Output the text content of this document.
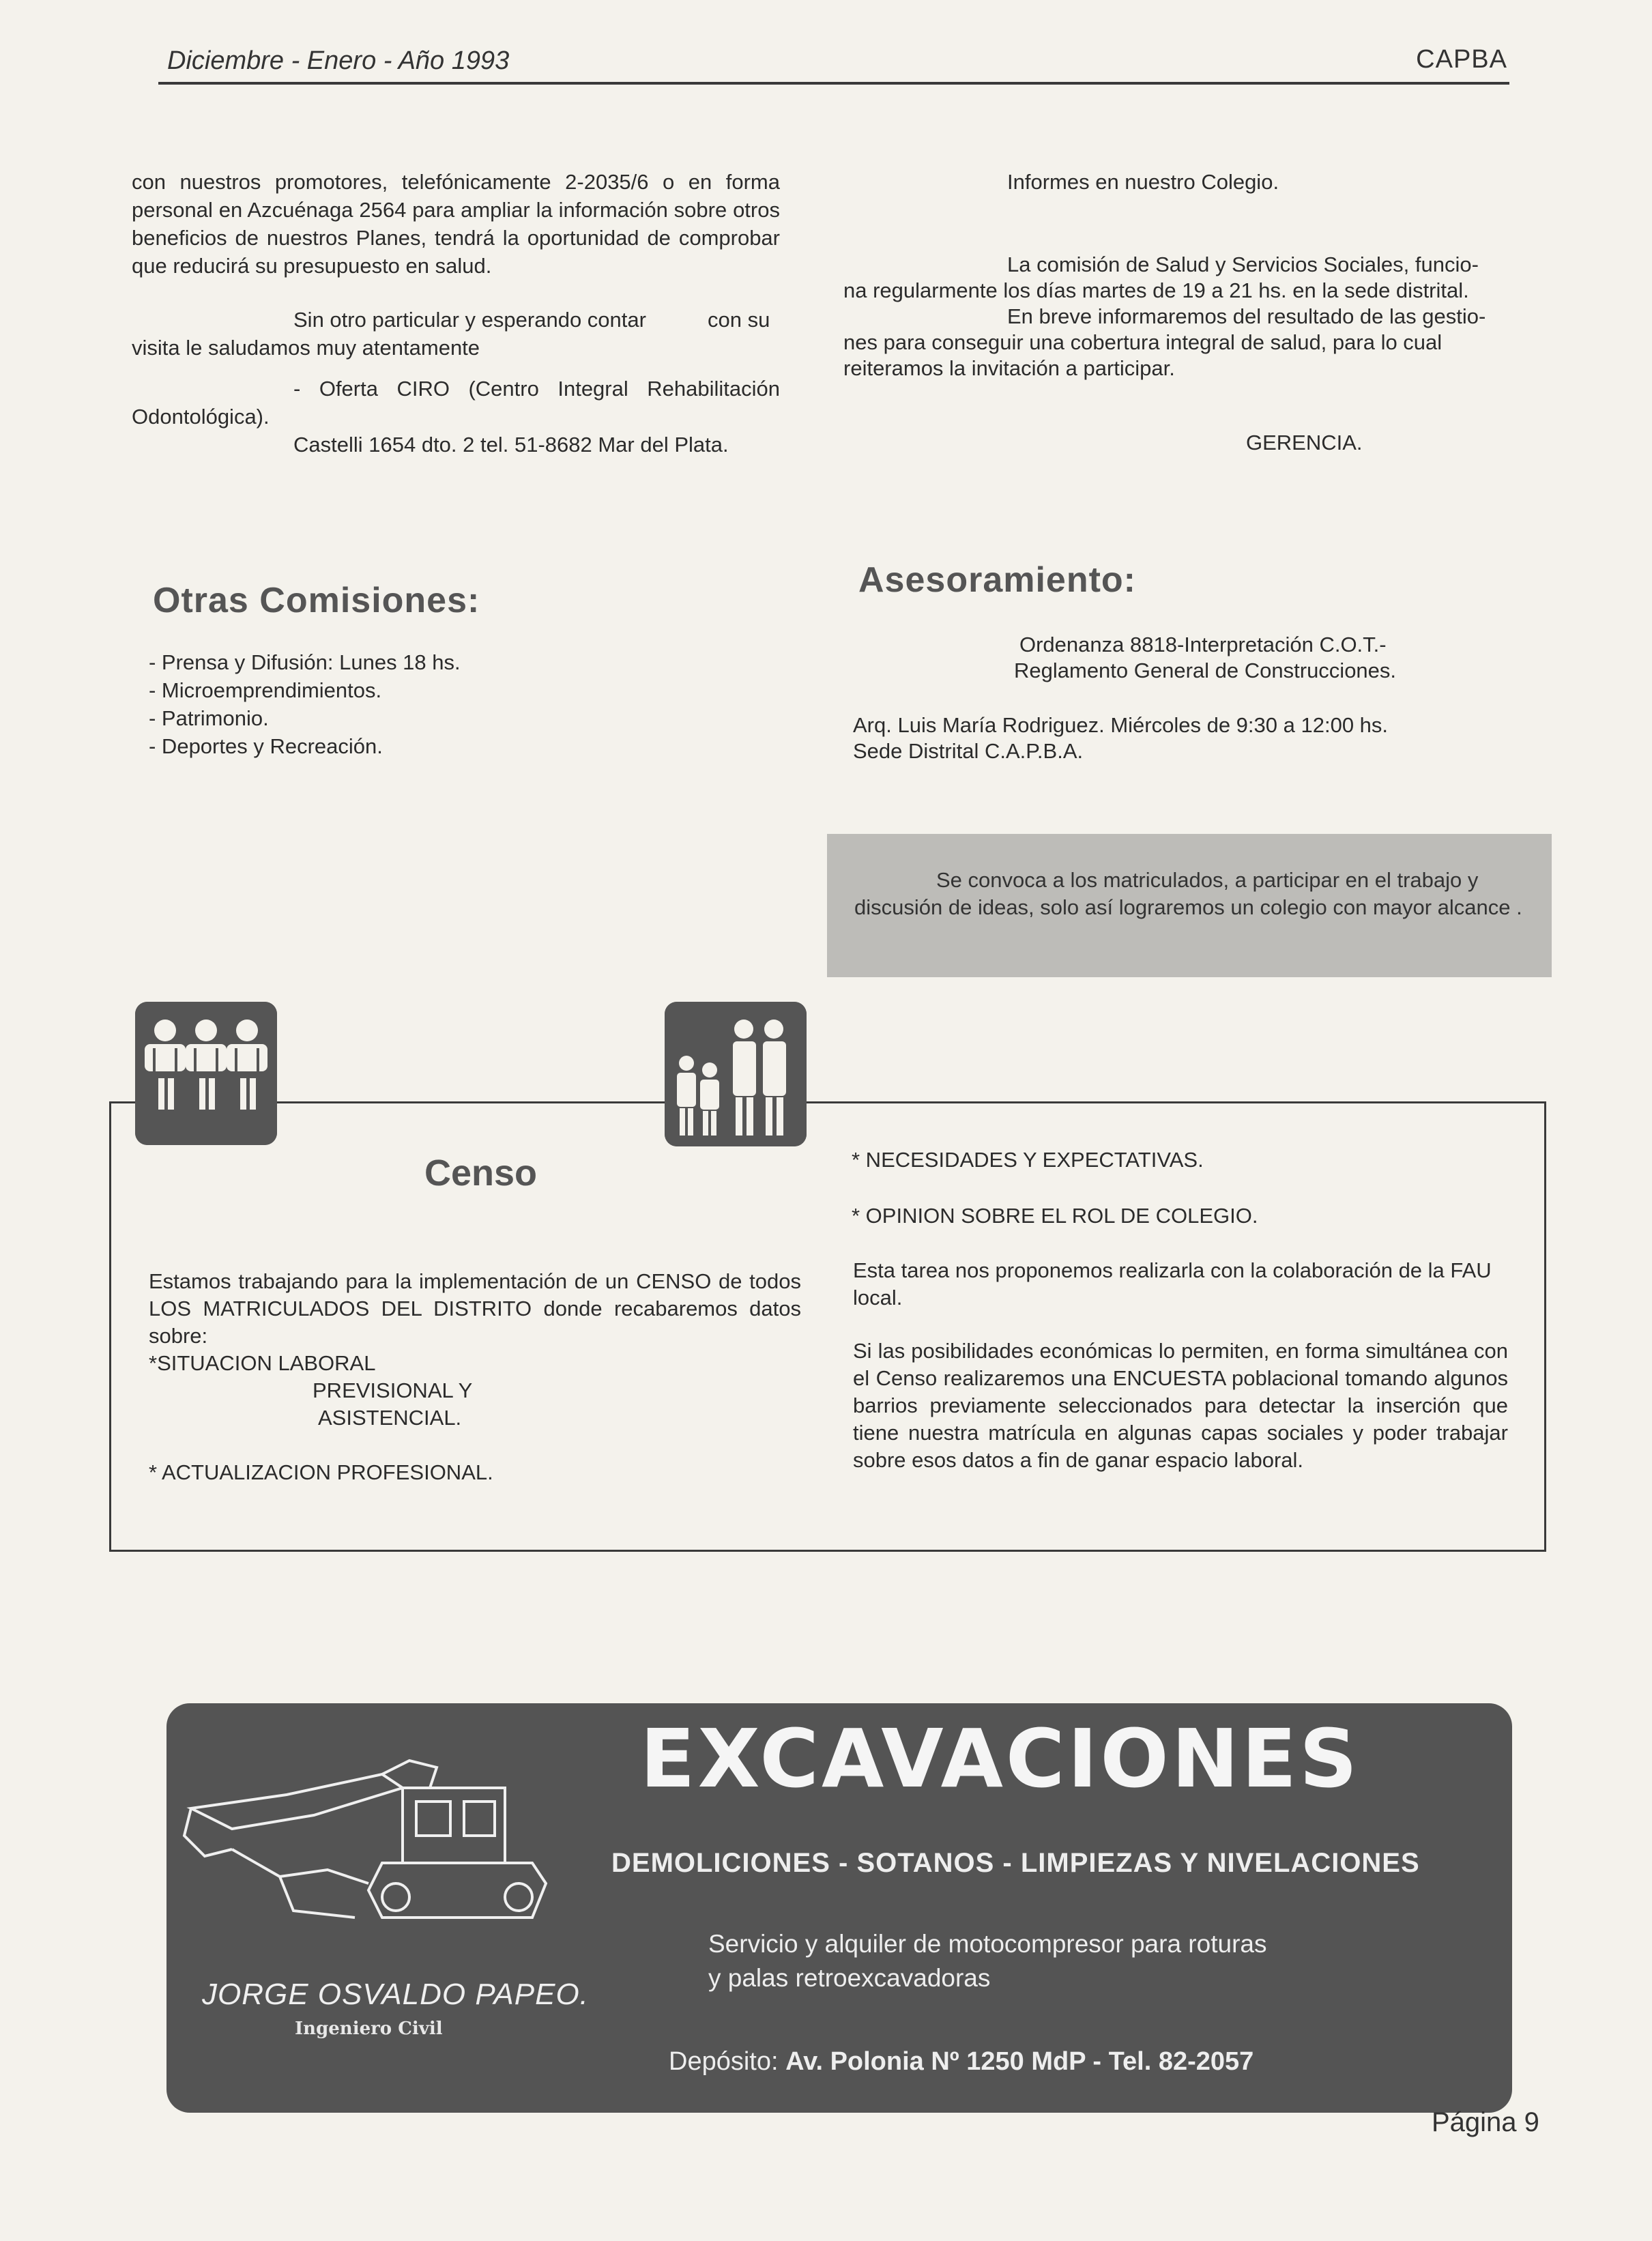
Diciembre - Enero - Año 1993	CAPBA
con nuestros promotores, telefónicamente 2-2035/6 o en forma personal en Azcuénaga 2564 para ampliar la información sobre otros beneficios de nuestros Planes, tendrá la oportunidad de comprobar que reducirá su presupuesto en salud.
Sin otro particular y esperando contar	con su
visita le saludamos muy atentamente
- Oferta CIRO (Centro Integral Rehabilitación
Odontológica).
Castelli 1654 dto. 2 tel. 51-8682 Mar del Plata.
Informes en nuestro Colegio.
La comisión de Salud y Servicios Sociales, funcio-
na regularmente los días martes de 19 a 21 hs. en la sede distrital.
En breve informaremos del resultado de las gestio-
nes para conseguir una cobertura integral de salud, para lo cual
reiteramos la invitación a participar.
GERENCIA.
Otras Comisiones:
- Prensa y Difusión: Lunes 18 hs.
- Microemprendimientos.
- Patrimonio.
- Deportes y Recreación.
Asesoramiento:
Ordenanza 8818-Interpretación C.O.T.-
Reglamento General de Construcciones.
Arq. Luis María Rodriguez. Miércoles de 9:30 a 12:00 hs.
Sede Distrital C.A.P.B.A.
Se convoca a los matriculados, a participar en el trabajo y discusión de ideas, solo así lograremos un colegio con mayor alcance .
Censo
Estamos trabajando para la implementación de un CENSO de todos LOS MATRICULADOS DEL DISTRITO donde recabaremos datos sobre:
*SITUACION LABORAL
PREVISIONAL Y
ASISTENCIAL.
* ACTUALIZACION PROFESIONAL.
* NECESIDADES Y EXPECTATIVAS.
* OPINION SOBRE EL ROL DE COLEGIO.
Esta tarea nos proponemos realizarla con la colaboración de la FAU local.
Si las posibilidades económicas lo permiten, en forma simultánea con el Censo realizaremos una ENCUESTA poblacional tomando algunos barrios previamente seleccionados para detectar la inserción que tiene nuestra matrícula en algunas capas sociales y poder trabajar sobre esos datos a fin de ganar espacio laboral.
EXCAVACIONES
DEMOLICIONES - SOTANOS - LIMPIEZAS Y NIVELACIONES
Servicio y alquiler de motocompresor para roturas
y palas retroexcavadoras
Depósito: Av. Polonia Nº 1250 MdP - Tel. 82-2057
JORGE OSVALDO PAPEO.
Ingeniero Civil
Página 9
